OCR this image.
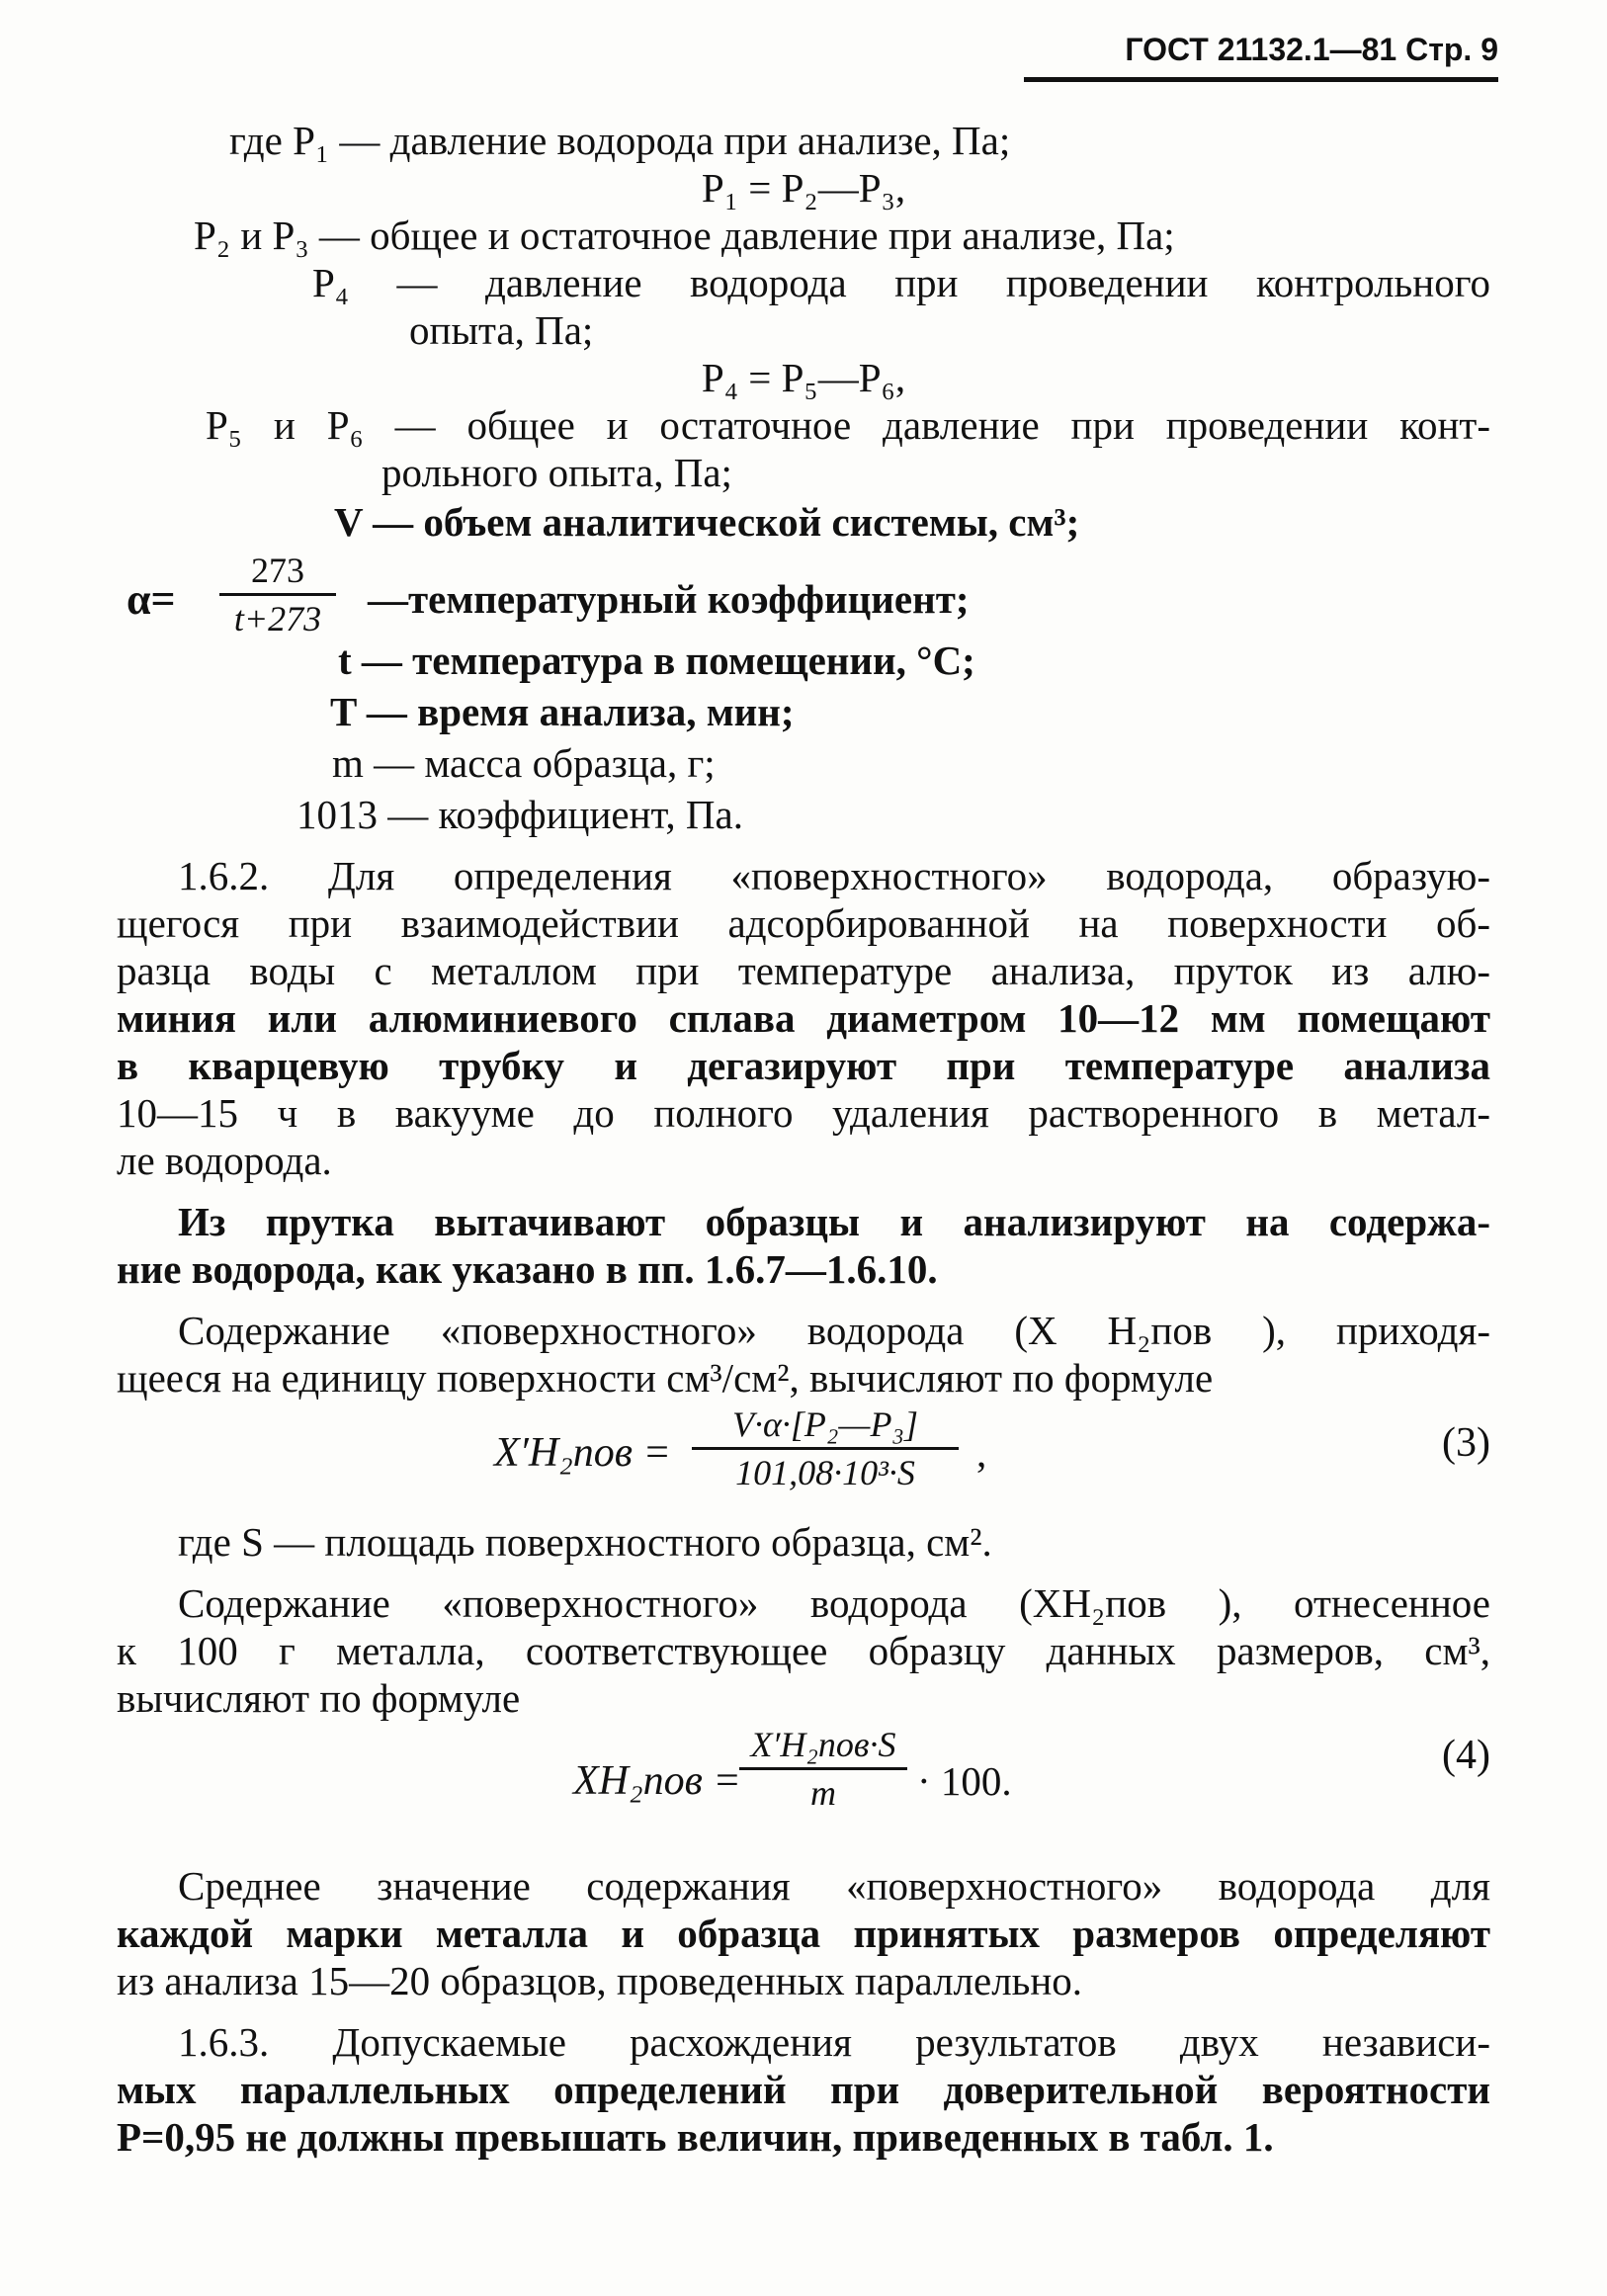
ГОСТ 21132.1—81 Стр. 9
где P₁ — давление водорода при анализе, Па;
P₁ = P₂—P₃,
P₂ и P₃ — общее и остаточное давление при анализе, Па;
P₄ — давление водорода при проведении контрольного
опыта, Па;
P₄ = P₅—P₆,
P₅ и P₆ — общее и остаточное давление при проведении конт-
рольного опыта, Па;
V — объем аналитической системы, см³;
$\alpha= \frac{273}{t+273}$ —температурный коэффициент;
t — температура в помещении, °C;
T — время анализа, мин;
m — масса образца, г;
1013 — коэффициент, Па.
1.6.2. Для определения «поверхностного» водорода, образую-
щегося при взаимодействии адсорбированной на поверхности об-
разца воды с металлом при температуре анализа, пруток из алю-
миния или алюминиевого сплава диаметром 10—12 мм помещают
в кварцевую трубку и дегазируют при температуре анализа
10—15 ч в вакууме до полного удаления растворенного в метал-
ле водорода.
Из прутка вытачивают образцы и анализируют на содержа-
ние водорода, как указано в пп. 1.6.7—1.6.10.
Содержание «поверхностного» водорода (X H₂пов ), приходя-
щееся на единицу поверхности см³/см², вычисляют по формуле
$X'H_2пов = \frac{\text{V·α·[P₂—P₃]}}{\text{101,08·10³·S}}$ ,	(3)
где S — площадь поверхностного образца, см².
Содержание «поверхностного» водорода (XH₂пов ), отнесенное
к 100 г металла, соответствующее образцу данных размеров, см³,
вычисляют по формуле
XH₂пов =
X′H₂пов·S
m	· 100.
(4)
Среднее значение содержания «поверхностного» водорода для
каждой марки металла и образца принятых размеров определяют
из анализа 15—20 образцов, проведенных параллельно.
1.6.3. Допускаемые расхождения результатов двух независи-
мых параллельных определений при доверительной вероятности
P=0,95 не должны превышать величин, приведенных в табл. 1.
